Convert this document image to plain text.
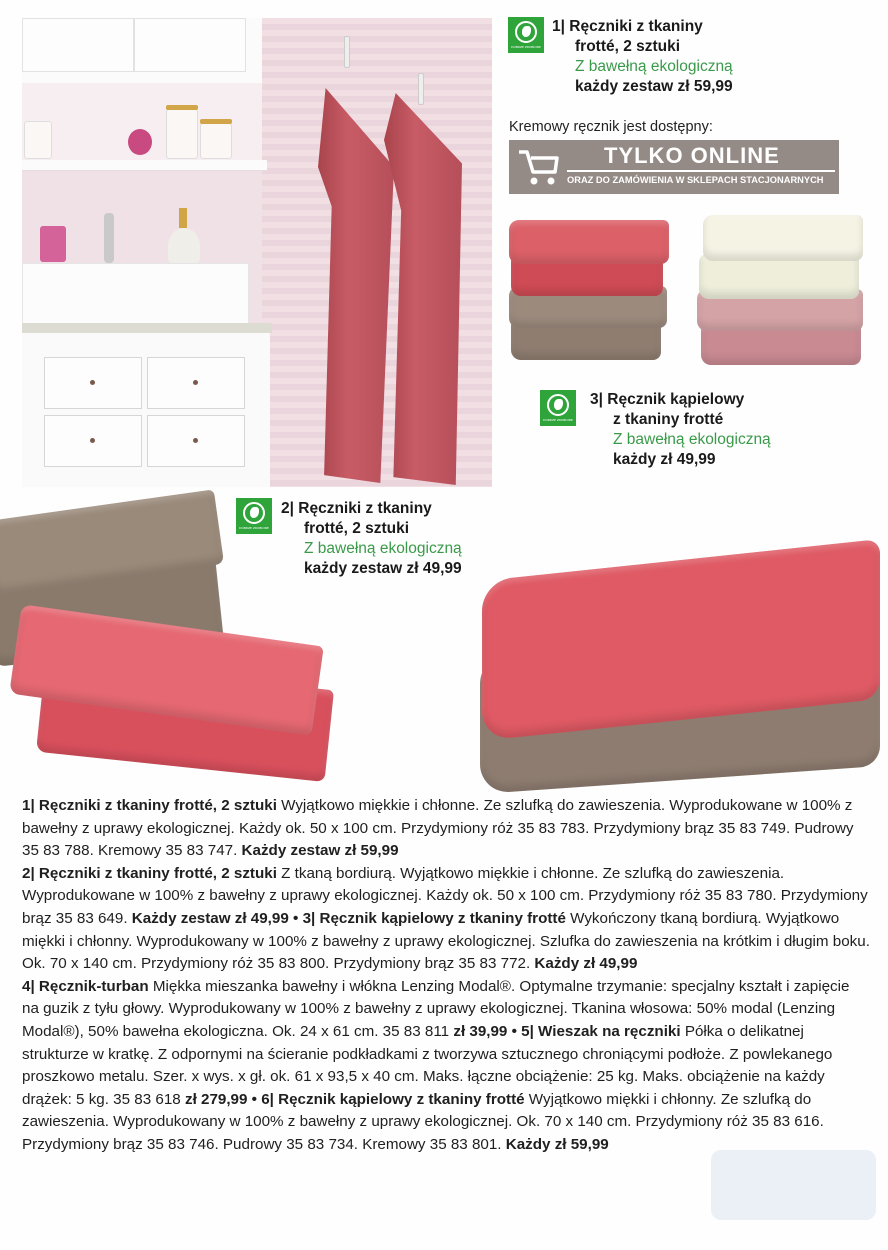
DOBRZE ZROBIONE
1| Ręczniki z tkaniny
frotté, 2 sztuki
Z bawełną ekologiczną
każdy zestaw zł 59,99
Kremowy ręcznik jest dostępny:
TYLKO ONLINE
ORAZ DO ZAMÓWIENIA W SKLEPACH STACJONARNYCH
DOBRZE ZROBIONE
3| Ręcznik kąpielowy
z tkaniny frotté
Z bawełną ekologiczną
każdy zł 49,99
DOBRZE ZROBIONE
2| Ręczniki z tkaniny
frotté, 2 sztuki
Z bawełną ekologiczną
każdy zestaw zł 49,99
1| Ręczniki z tkaniny frotté, 2 sztuki Wyjątkowo miękkie i chłonne. Ze szlufką do zawieszenia. Wyprodukowane w 100% z bawełny z uprawy ekologicznej. Każdy ok. 50 x 100 cm. Przydymiony róż 35 83 783. Przydymiony brąz 35 83 749. Pudrowy 35 83 788. Kremowy 35 83 747. Każdy zestaw zł 59,99
2| Ręczniki z tkaniny frotté, 2 sztuki Z tkaną bordiurą. Wyjątkowo miękkie i chłonne. Ze szlufką do zawieszenia. Wyprodukowane w 100% z bawełny z uprawy ekologicznej. Każdy ok. 50 x 100 cm. Przydymiony róż 35 83 780. Przydymiony brąz 35 83 649. Każdy zestaw zł 49,99 • 3| Ręcznik kąpielowy z tkaniny frotté Wykończony tkaną bordiurą. Wyjątkowo miękki i chłonny. Wyprodukowany w 100% z bawełny z uprawy ekologicznej. Szlufka do zawieszenia na krótkim i długim boku. Ok. 70 x 140 cm. Przydymiony róż 35 83 800. Przydymiony brąz 35 83 772. Każdy zł 49,99
4| Ręcznik-turban Miękka mieszanka bawełny i włókna Lenzing Modal®. Optymalne trzymanie: specjalny kształt i zapięcie na guzik z tyłu głowy. Wyprodukowany w 100% z bawełny z uprawy ekologicznej. Tkanina włosowa: 50% modal (Lenzing Modal®), 50% bawełna ekologiczna. Ok. 24 x 61 cm. 35 83 811 zł 39,99 • 5| Wieszak na ręczniki Półka o delikatnej strukturze w kratkę. Z odpornymi na ścieranie podkładkami z tworzywa sztucznego chroniącymi podłoże. Z powlekanego proszkowo metalu. Szer. x wys. x gł. ok. 61 x 93,5 x 40 cm. Maks. łączne obciążenie: 25 kg. Maks. obciążenie na każdy drążek: 5 kg. 35 83 618 zł 279,99 • 6| Ręcznik kąpielowy z tkaniny frotté Wyjątkowo miękki i chłonny. Ze szlufką do zawieszenia. Wyprodukowany w 100% z bawełny z uprawy ekologicznej. Ok. 70 x 140 cm. Przydymiony róż 35 83 616. Przydymiony brąz 35 83 746. Pudrowy 35 83 734. Kremowy 35 83 801. Każdy zł 59,99
